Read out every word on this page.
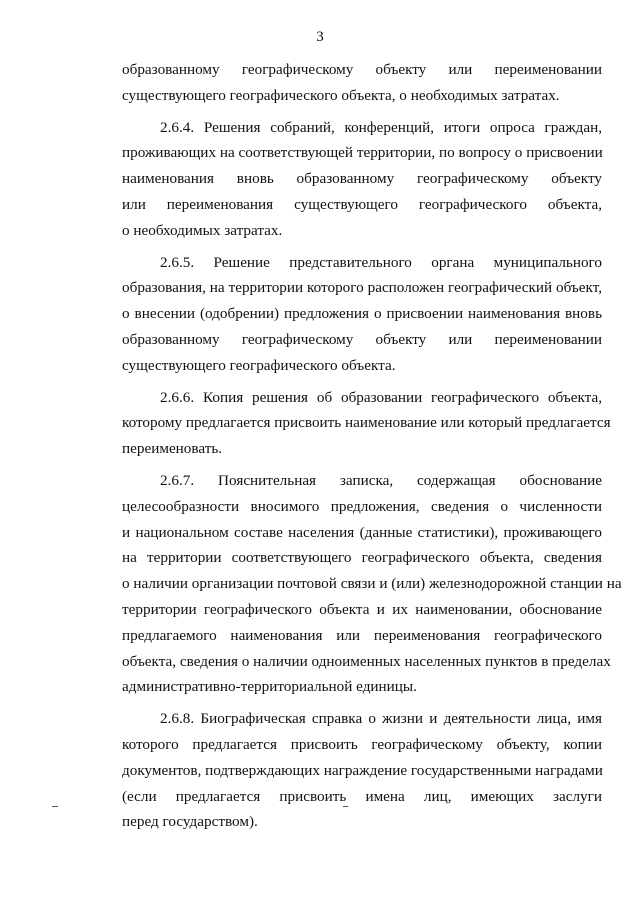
3
образованному географическому объекту или переименовании
существующего географического объекта, о необходимых затратах.
2.6.4. Решения собраний, конференций, итоги опроса граждан,
проживающих на соответствующей территории, по вопросу о присвоении
наименования вновь образованному географическому объекту
или переименования существующего географического объекта,
о необходимых затратах.
2.6.5. Решение представительного органа муниципального
образования, на территории которого расположен географический объект,
о внесении (одобрении) предложения о присвоении наименования вновь
образованному географическому объекту или переименовании
существующего географического объекта.
2.6.6. Копия решения об образовании географического объекта,
которому предлагается присвоить наименование или который предлагается
переименовать.
2.6.7. Пояснительная записка, содержащая обоснование
целесообразности вносимого предложения, сведения о численности
и национальном составе населения (данные статистики), проживающего
на территории соответствующего географического объекта, сведения
о наличии организации почтовой связи и (или) железнодорожной станции на
территории географического объекта и их наименовании, обоснование
предлагаемого наименования или переименования географического
объекта, сведения о наличии одноименных населенных пунктов в пределах
административно-территориальной единицы.
2.6.8. Биографическая справка о жизни и деятельности лица, имя
которого предлагается присвоить географическому объекту, копии
документов, подтверждающих награждение государственными наградами
(если предлагается присвоить имена лиц, имеющих заслуги
перед государством).
